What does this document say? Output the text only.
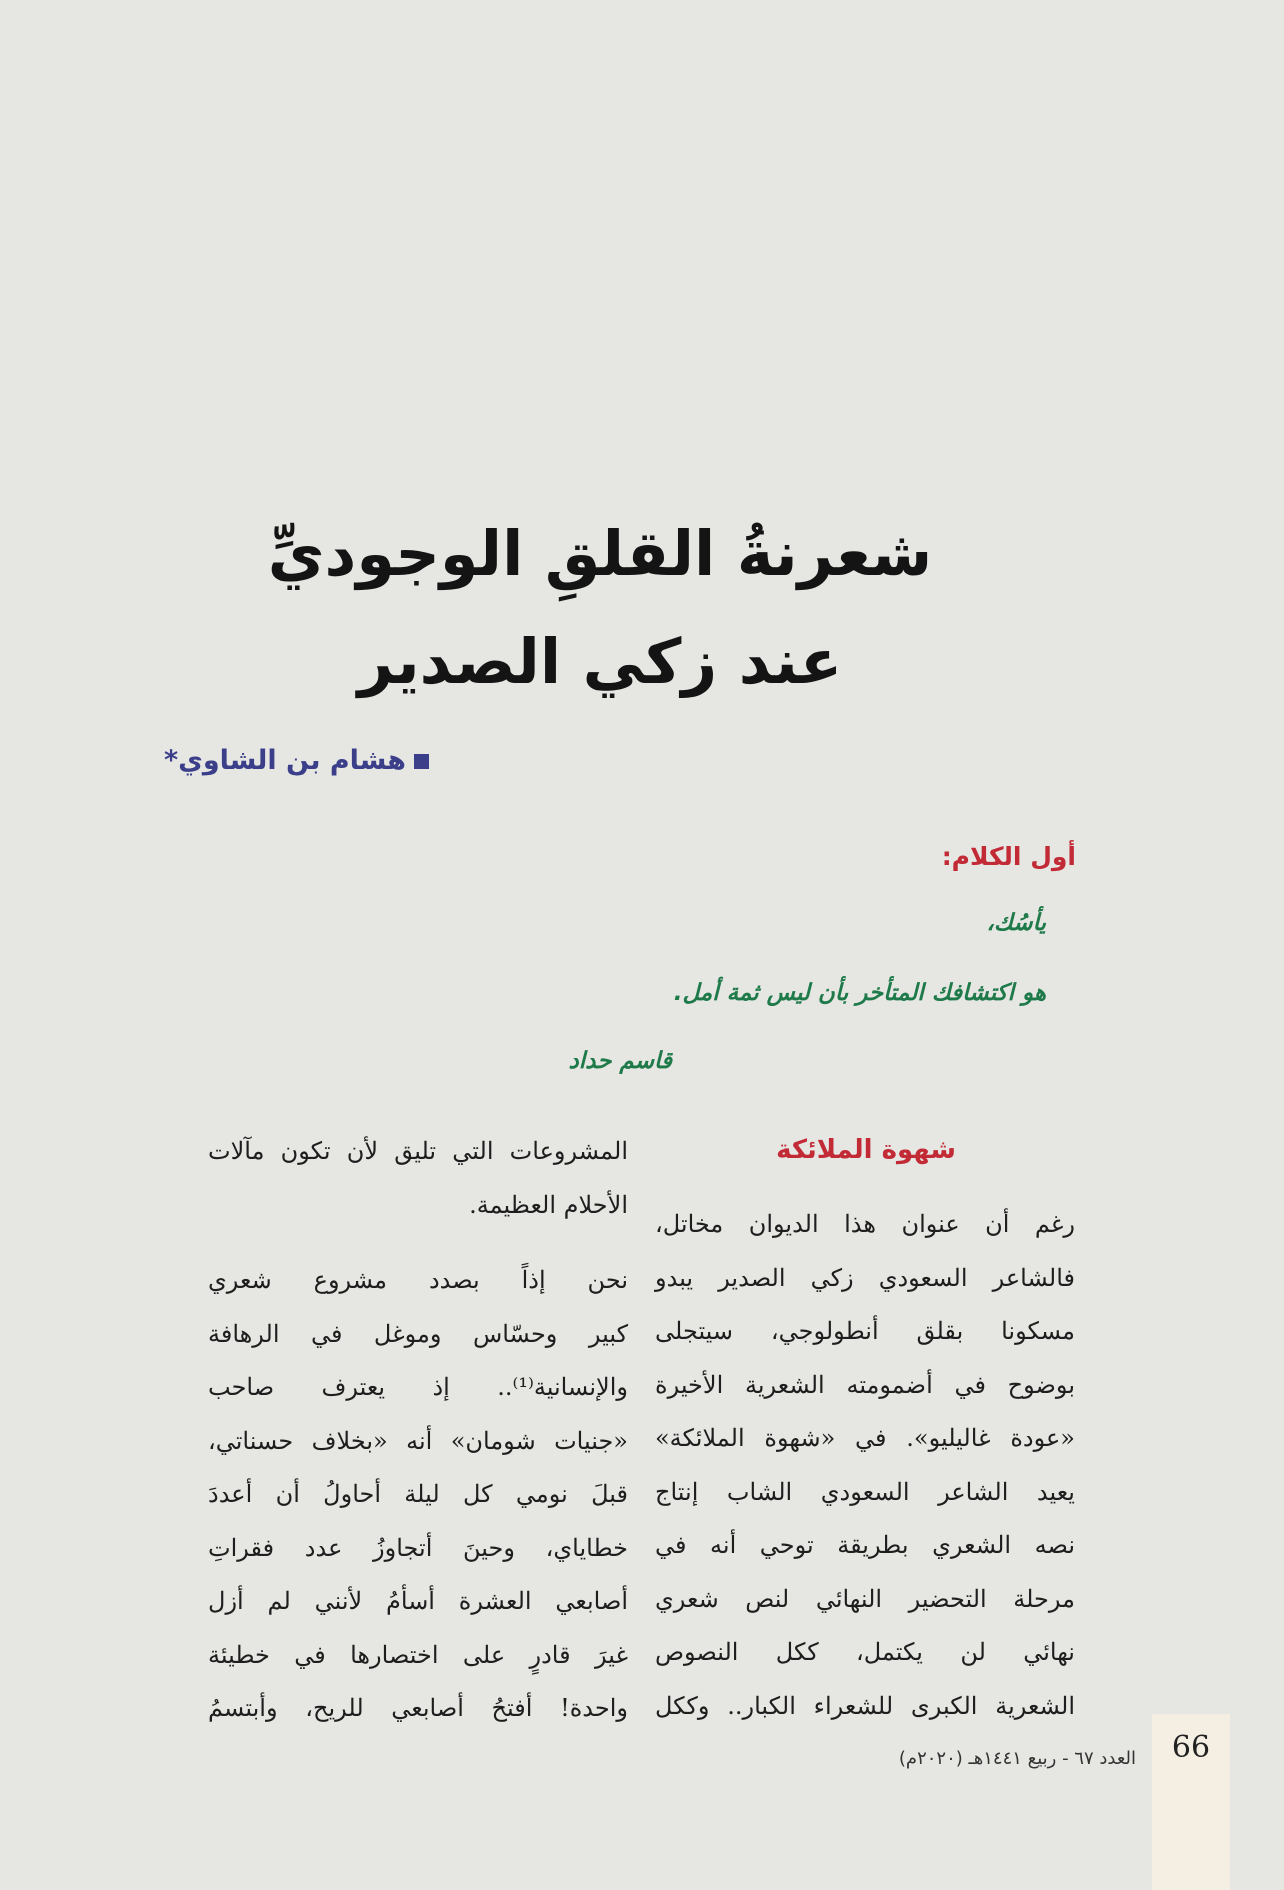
شعرنةُ القلقِ الوجوديِّ
عند زكي الصدير
هشام بن الشاوي*
أول الكلام:
يأسُك،
هو اكتشافك المتأخر بأن ليس ثمة أمل.
قاسم حداد
شهوة الملائكة

رغم أن عنوان هذا الديوان مخاتل،
فالشاعر السعودي زكي الصدير يبدو
مسكونا بقلق أنطولوجي، سيتجلى
بوضوح في أضمومته الشعرية الأخيرة
«عودة غاليليو». في «شهوة الملائكة»
يعيد الشاعر السعودي الشاب إنتاج
نصه الشعري بطريقة توحي أنه في
مرحلة التحضير النهائي لنص شعري
نهائي لن يكتمل، ككل النصوص
الشعرية الكبرى للشعراء الكبار.. وككل

المشروعات التي تليق لأن تكون مآلات
الأحلام العظيمة.

نحن إذاً بصدد مشروع شعري
كبير وحسّاس وموغل في الرهافة
والإنسانية⁽¹⁾.. إذ يعترف صاحب
«جنيات شومان» أنه «بخلاف حسناتي،
قبلَ نومي كل ليلة أحاولُ أن أعددَ
خطاياي، وحينَ أتجاوزُ عدد فقراتِ
أصابعي العشرة أسأمُ لأنني لم أزل
غيرَ قادرٍ على اختصارها في خطيئة
واحدة! أفتحُ أصابعي للريح، وأبتسمُ

66
العدد ٦٧ - ربيع ١٤٤١هـ (٢٠٢٠م)
